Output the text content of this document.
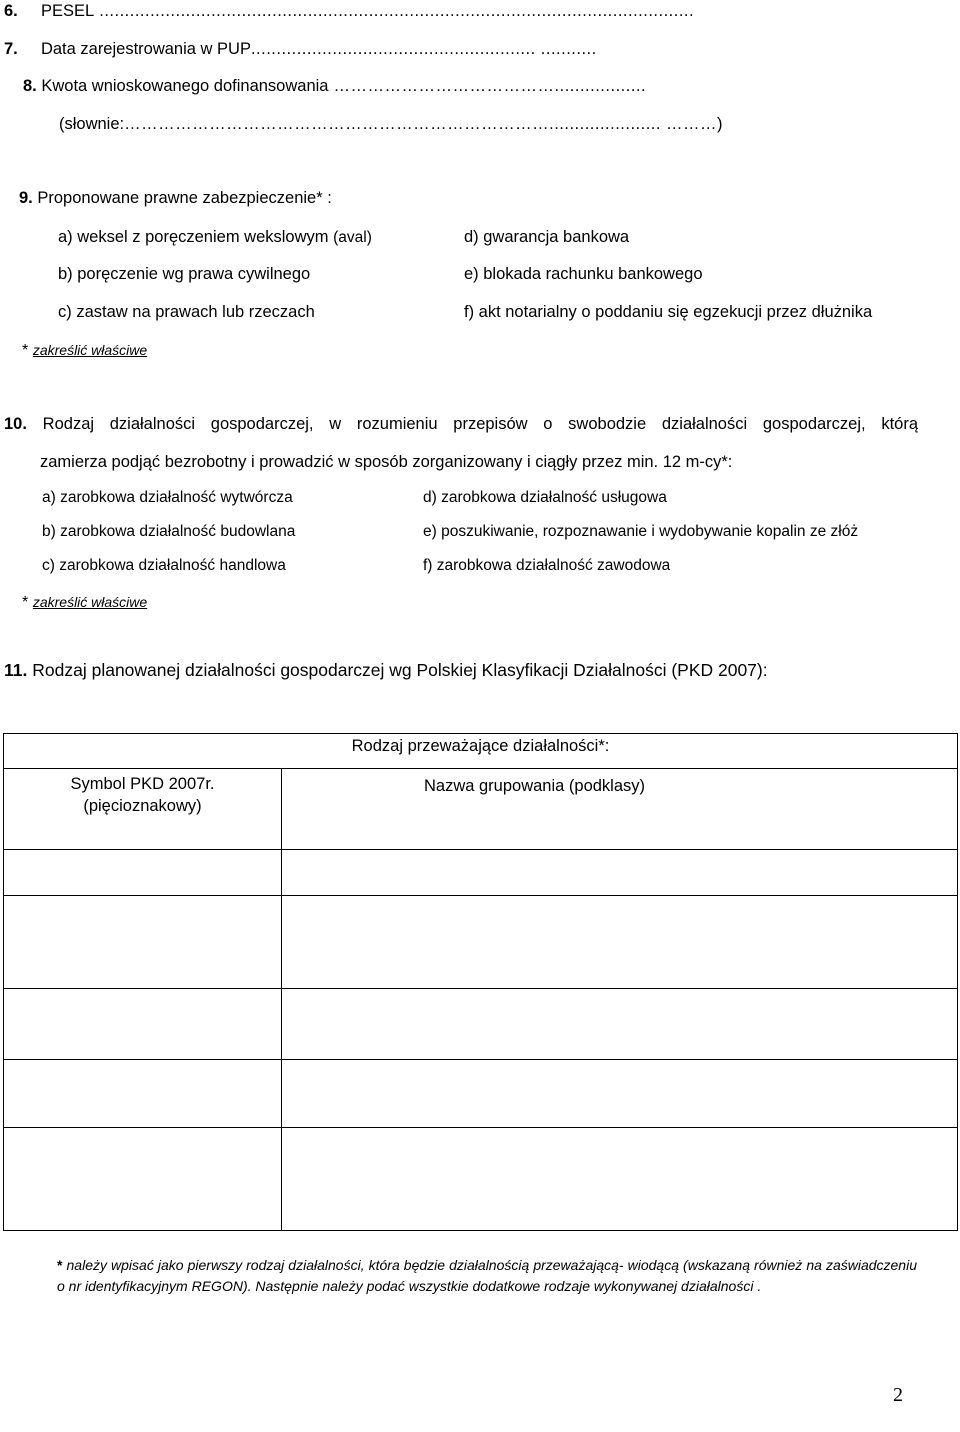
6. PESEL .....................................................................................................................
7. Data zarejestrowania w PUP........................................................ ...........
8. Kwota wnioskowanego dofinansowania …………………………………..................
(słownie:…………………………………………………………………...................... ………)
9. Proponowane prawne zabezpieczenie* :
a) weksel z poręczeniem wekslowym (aval)
b) poręczenie wg prawa cywilnego
c) zastaw na prawach lub rzeczach
d) gwarancja bankowa
e) blokada rachunku bankowego
f) akt notarialny o poddaniu się egzekucji przez dłużnika
* zakreślić właściwe
10. Rodzaj działalności gospodarczej, w rozumieniu przepisów o swobodzie działalności gospodarczej, którą
zamierza podjąć bezrobotny i prowadzić w sposób zorganizowany i ciągły przez min. 12 m-cy*:
a) zarobkowa działalność wytwórcza
b) zarobkowa działalność budowlana
c) zarobkowa działalność handlowa
d) zarobkowa działalność usługowa
e) poszukiwanie, rozpoznawanie i wydobywanie kopalin ze złóż
f) zarobkowa działalność zawodowa
* zakreślić właściwe
11. Rodzaj planowanej działalności gospodarczej wg Polskiej Klasyfikacji Działalności (PKD 2007):
Rodzaj przeważające działalności*:	

Symbol PKD 2007r.
(pięcioznakowy)	Nazwa grupowania (podklasy)

* należy wpisać jako pierwszy rodzaj działalności, która będzie działalnością przeważającą- wiodącą (wskazaną również na zaświadczeniu o nr identyfikacyjnym REGON). Następnie należy podać wszystkie dodatkowe rodzaje wykonywanej działalności .
2
